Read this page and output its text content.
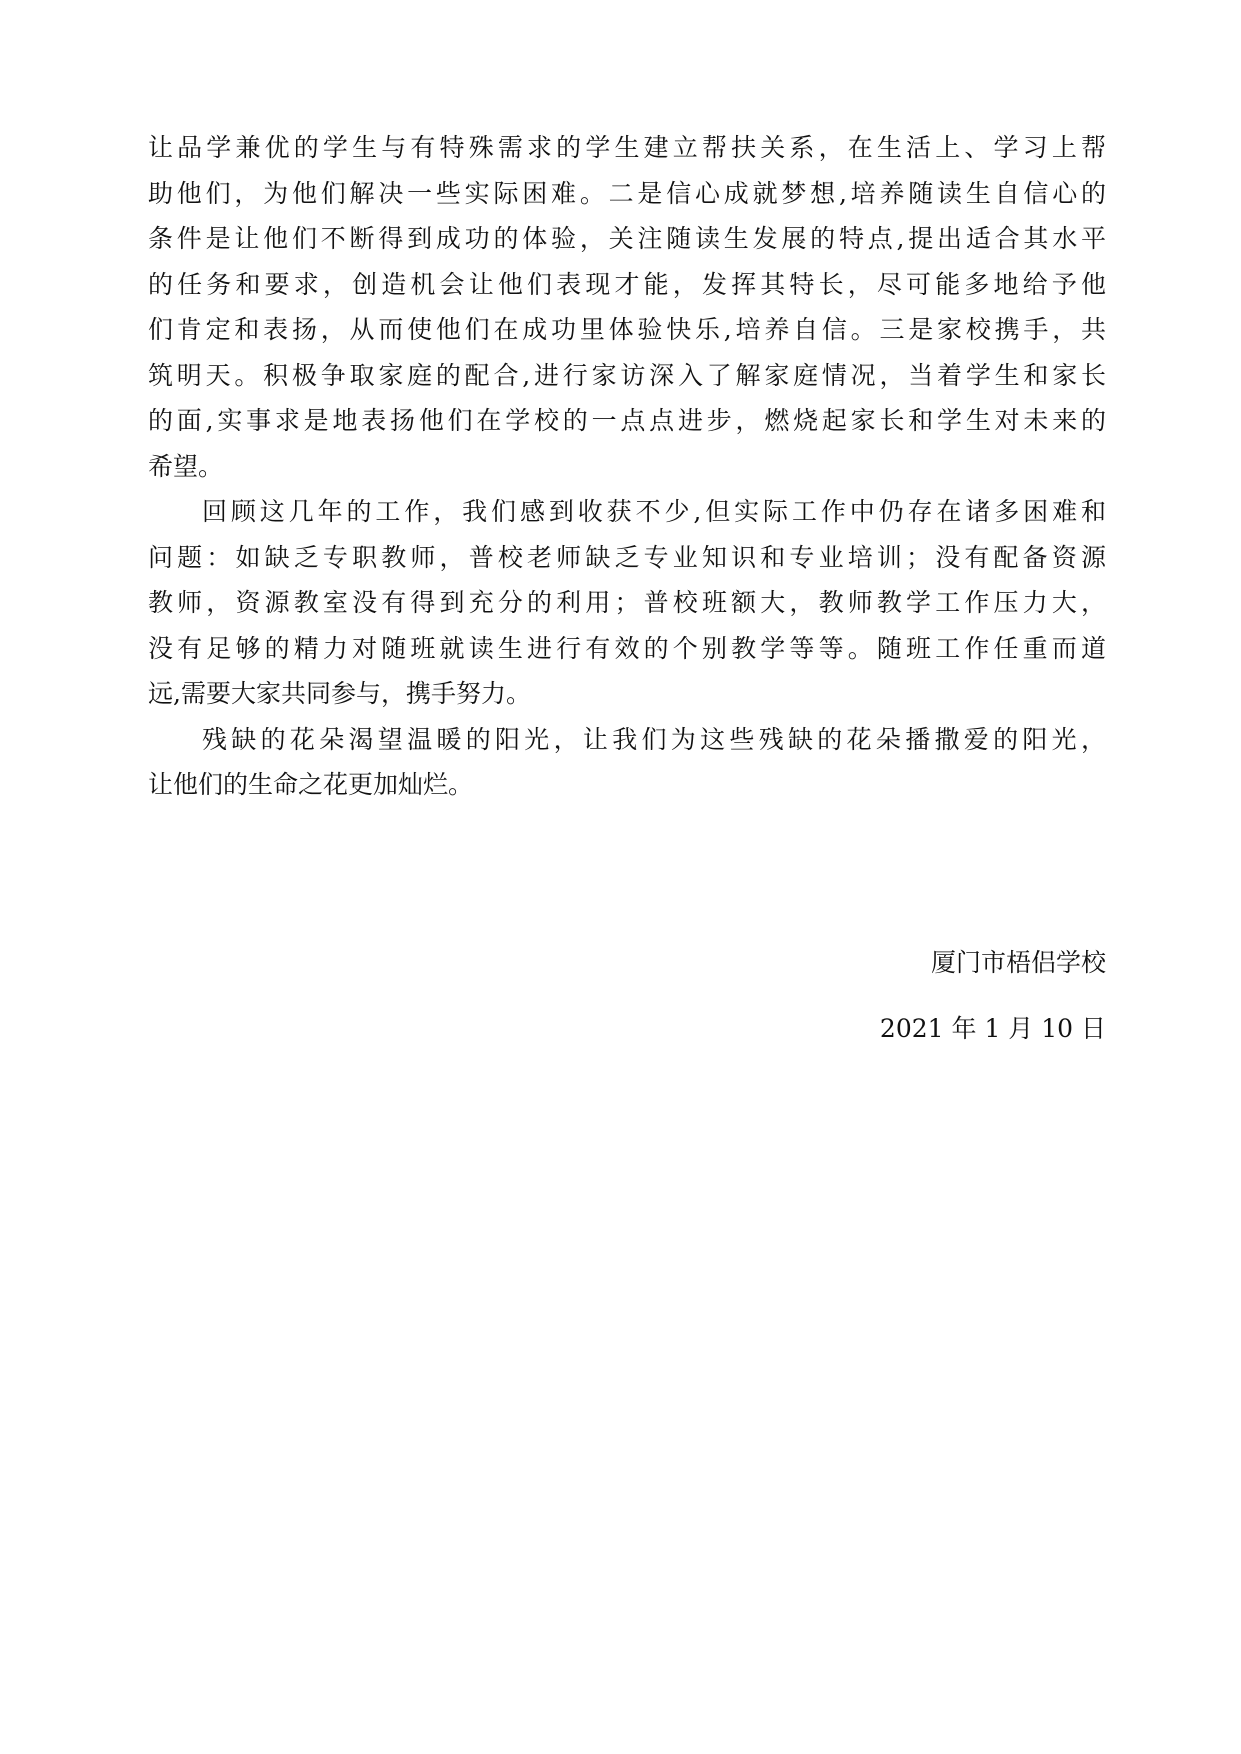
让品学兼优的学生与有特殊需求的学生建立帮扶关系，在生活上、学习上帮
助他们，为他们解决一些实际困难。二是信心成就梦想,培养随读生自信心的
条件是让他们不断得到成功的体验，关注随读生发展的特点,提出适合其水平
的任务和要求，创造机会让他们表现才能，发挥其特长，尽可能多地给予他
们肯定和表扬，从而使他们在成功里体验快乐,培养自信。三是家校携手，共
筑明天。积极争取家庭的配合,进行家访深入了解家庭情况，当着学生和家长
的面,实事求是地表扬他们在学校的一点点进步，燃烧起家长和学生对未来的
希望。
回顾这几年的工作，我们感到收获不少,但实际工作中仍存在诸多困难和
问题：如缺乏专职教师，普校老师缺乏专业知识和专业培训；没有配备资源
教师，资源教室没有得到充分的利用；普校班额大，教师教学工作压力大，
没有足够的精力对随班就读生进行有效的个别教学等等。随班工作任重而道
远,需要大家共同参与，携手努力。
残缺的花朵渴望温暖的阳光，让我们为这些残缺的花朵播撒爱的阳光，
让他们的生命之花更加灿烂。
厦门市梧侣学校
2021 年 1 月 10 日
